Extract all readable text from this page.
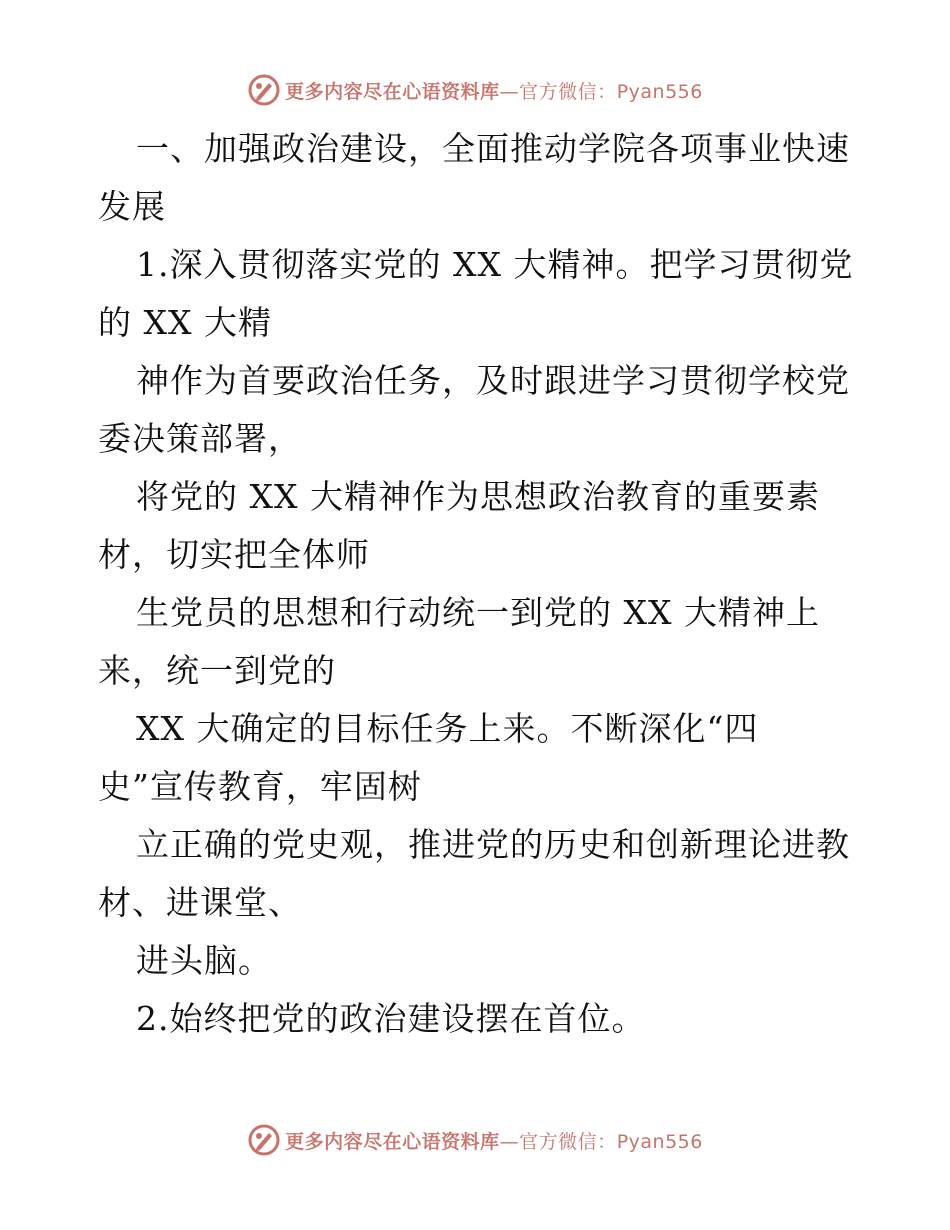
更多内容尽在心语资料库—官方微信：Pyan556
一、加强政治建设，全面推动学院各项事业快速
发展
1.深入贯彻落实党的 XX 大精神。把学习贯彻党
的 XX 大精
神作为首要政治任务，及时跟进学习贯彻学校党
委决策部署，
将党的 XX 大精神作为思想政治教育的重要素
材，切实把全体师
生党员的思想和行动统一到党的 XX 大精神上
来，统一到党的
XX 大确定的目标任务上来。不断深化“四
史”宣传教育，牢固树
立正确的党史观，推进党的历史和创新理论进教
材、进课堂、
进头脑。
2.始终把党的政治建设摆在首位。
更多内容尽在心语资料库—官方微信：Pyan556
